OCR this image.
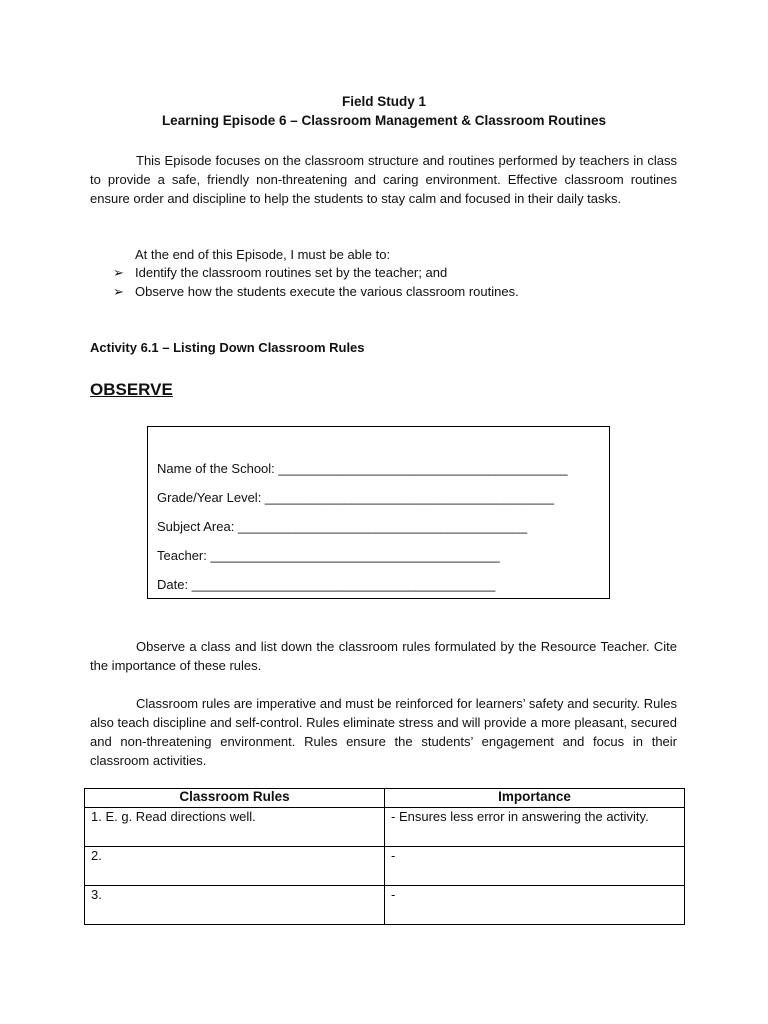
Field Study 1
Learning Episode 6 – Classroom Management & Classroom Routines
This Episode focuses on the classroom structure and routines performed by teachers in class to provide a safe, friendly non-threatening and caring environment. Effective classroom routines ensure order and discipline to help the students to stay calm and focused in their daily tasks.
At the end of this Episode, I must be able to:
➢ Identify the classroom routines set by the teacher; and
➢ Observe how the students execute the various classroom routines.
Activity 6.1 – Listing Down Classroom Rules
OBSERVE
Name of the School: ________________________________________
Grade/Year Level: ________________________________________
Subject Area: ________________________________________
Teacher: ________________________________________
Date: __________________________________________
Observe a class and list down the classroom rules formulated by the Resource Teacher. Cite the importance of these rules.
Classroom rules are imperative and must be reinforced for learners’ safety and security. Rules also teach discipline and self-control. Rules eliminate stress and will provide a more pleasant, secured and non-threatening environment. Rules ensure the students’ engagement and focus in their classroom activities.
Classroom Rules	Importance
1. E. g. Read directions well.	- Ensures less error in answering the activity.
2.	-
3.	-
